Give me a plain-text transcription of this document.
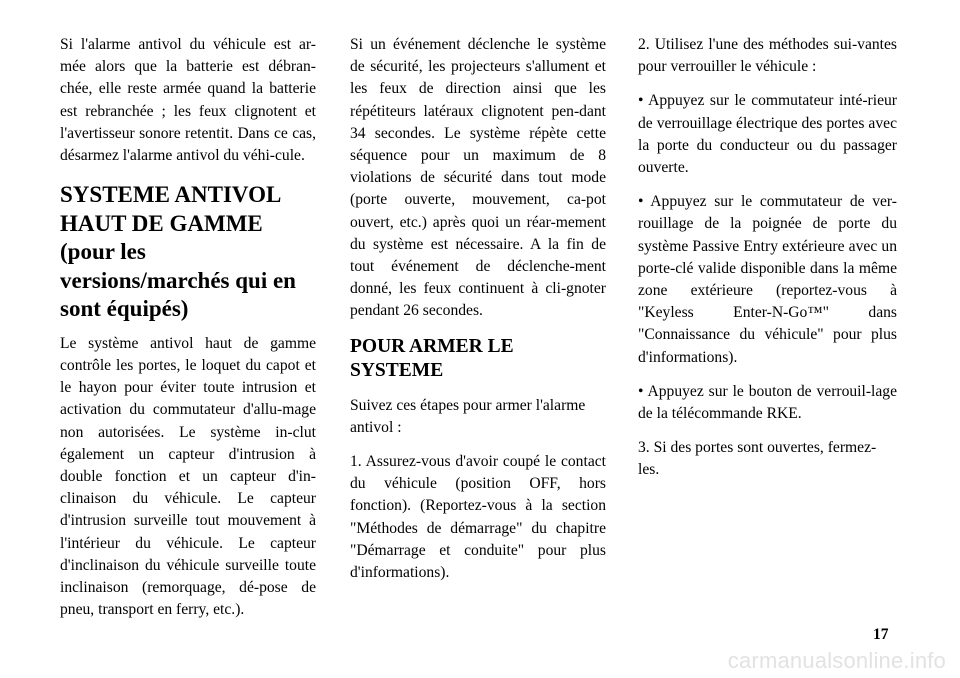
Si l'alarme antivol du véhicule est ar-mée alors que la batterie est débran-chée, elle reste armée quand la batterie est rebranchée ; les feux clignotent et l'avertisseur sonore retentit. Dans ce cas, désarmez l'alarme antivol du véhi-cule.

SYSTEME ANTIVOL HAUT DE GAMME (pour les versions/marchés qui en sont équipés)

Le système antivol haut de gamme contrôle les portes, le loquet du capot et le hayon pour éviter toute intrusion et activation du commutateur d'allu-mage non autorisées. Le système in-clut également un capteur d'intrusion à double fonction et un capteur d'in-clinaison du véhicule. Le capteur d'intrusion surveille tout mouvement à l'intérieur du véhicule. Le capteur d'inclinaison du véhicule surveille toute inclinaison (remorquage, dé-pose de pneu, transport en ferry, etc.).

Si un événement déclenche le système de sécurité, les projecteurs s'allument et les feux de direction ainsi que les répétiteurs latéraux clignotent pen-dant 34 secondes. Le système répète cette séquence pour un maximum de 8 violations de sécurité dans tout mode (porte ouverte, mouvement, ca-pot ouvert, etc.) après quoi un réar-mement du système est nécessaire. A la fin de tout événement de déclenche-ment donné, les feux continuent à cli-gnoter pendant 26 secondes.

POUR ARMER LE SYSTEME

Suivez ces étapes pour armer l'alarme antivol :

1. Assurez-vous d'avoir coupé le contact du véhicule (position OFF, hors fonction). (Reportez-vous à la section "Méthodes de démarrage" du chapitre "Démarrage et conduite" pour plus d'informations).

2. Utilisez l'une des méthodes sui-vantes pour verrouiller le véhicule :

• Appuyez sur le commutateur inté-rieur de verrouillage électrique des portes avec la porte du conducteur ou du passager ouverte.

• Appuyez sur le commutateur de ver-rouillage de la poignée de porte du système Passive Entry extérieure avec un porte-clé valide disponible dans la même zone extérieure (reportez-vous à "Keyless Enter-N-Go™" dans "Connaissance du véhicule" pour plus d'informations).

• Appuyez sur le bouton de verrouil-lage de la télécommande RKE.

3. Si des portes sont ouvertes, fermez-les.

17
carmanualsonline.info
